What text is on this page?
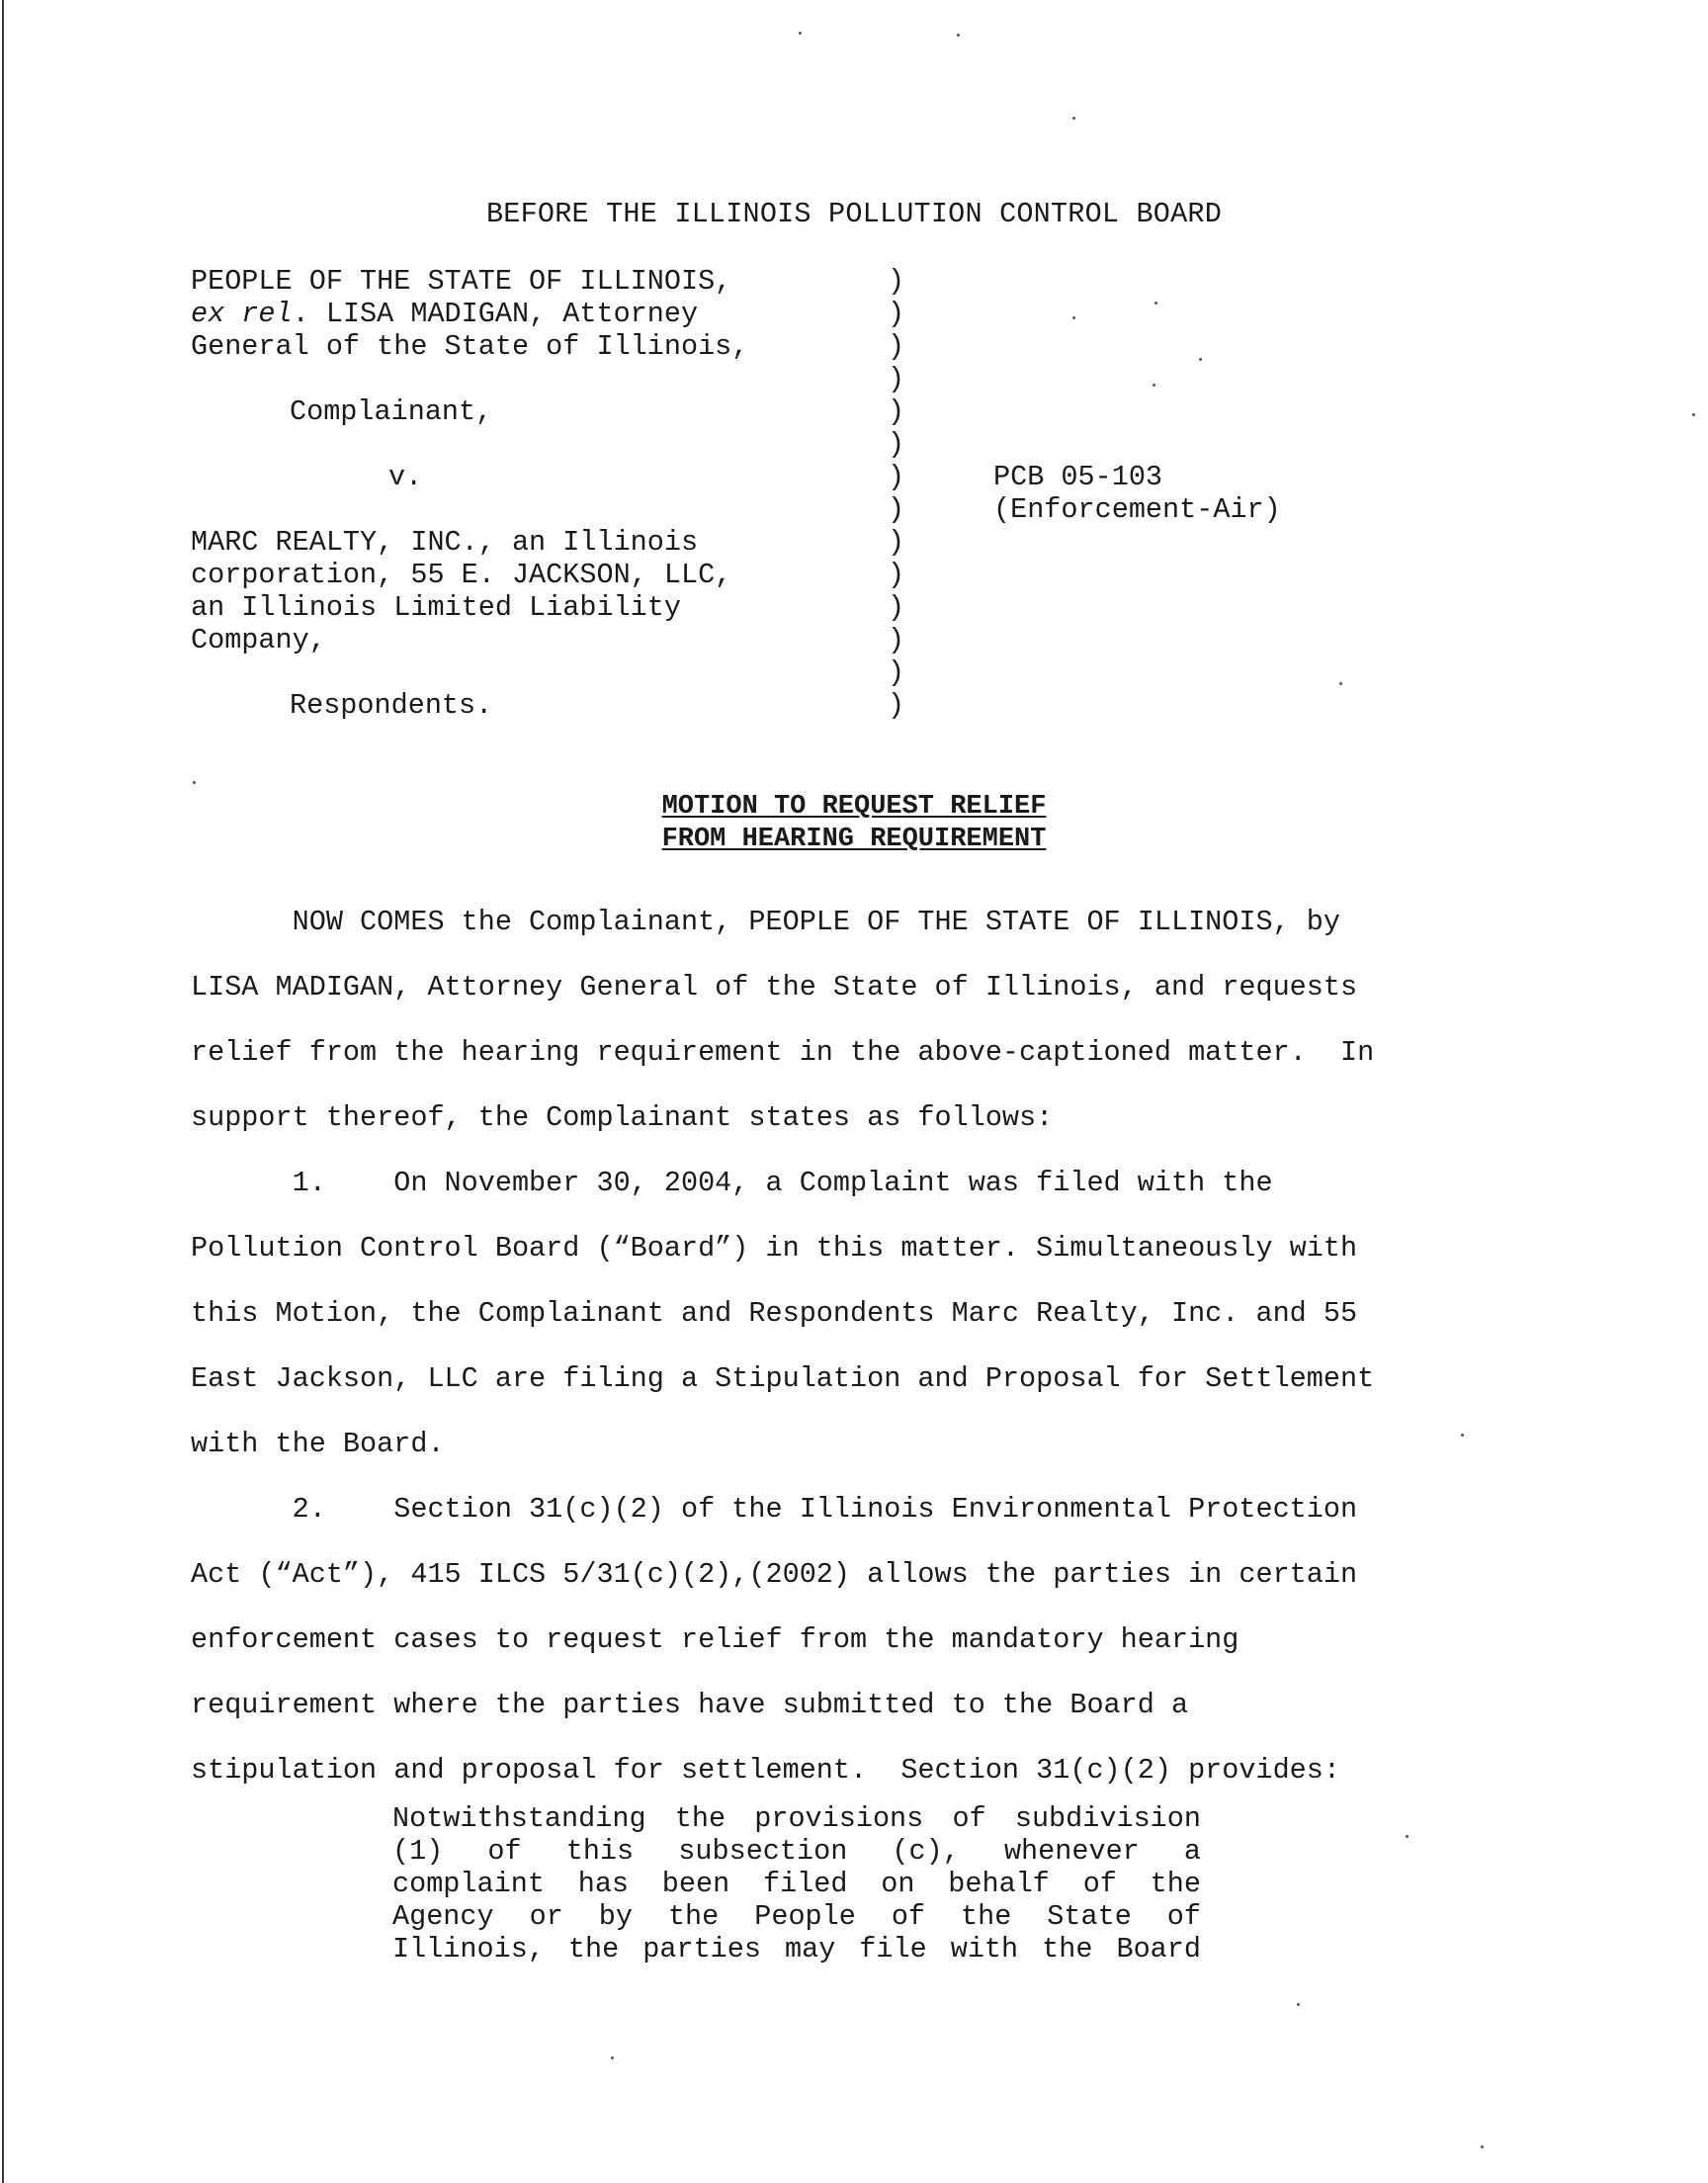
BEFORE THE ILLINOIS POLLUTION CONTROL BOARD
PEOPLE OF THE STATE OF ILLINOIS,
ex rel. LISA MADIGAN, Attorney
General of the State of Illinois,
Complainant,
v.
MARC REALTY, INC., an Illinois
corporation, 55 E. JACKSON, LLC,
an Illinois Limited Liability
Company,
Respondents.
)
)
)
)
)
)
)
)
)
)
)
)
)
)
PCB 05-103
(Enforcement-Air)
MOTION TO REQUEST RELIEF
FROM HEARING REQUIREMENT
NOW COMES the Complainant, PEOPLE OF THE STATE OF ILLINOIS, by
LISA MADIGAN, Attorney General of the State of Illinois, and requests
relief from the hearing requirement in the above-captioned matter.  In
support thereof, the Complainant states as follows:
1.    On November 30, 2004, a Complaint was filed with the
Pollution Control Board (“Board”) in this matter. Simultaneously with
this Motion, the Complainant and Respondents Marc Realty, Inc. and 55
East Jackson, LLC are filing a Stipulation and Proposal for Settlement
with the Board.
2.    Section 31(c)(2) of the Illinois Environmental Protection
Act (“Act”), 415 ILCS 5/31(c)(2),(2002) allows the parties in certain
enforcement cases to request relief from the mandatory hearing
requirement where the parties have submitted to the Board a
stipulation and proposal for settlement.  Section 31(c)(2) provides:
Notwithstanding the provisions of subdivision
(1) of this subsection (c), whenever a
complaint has been filed on behalf of the
Agency or by the People of the State of
Illinois, the parties may file with the Board
